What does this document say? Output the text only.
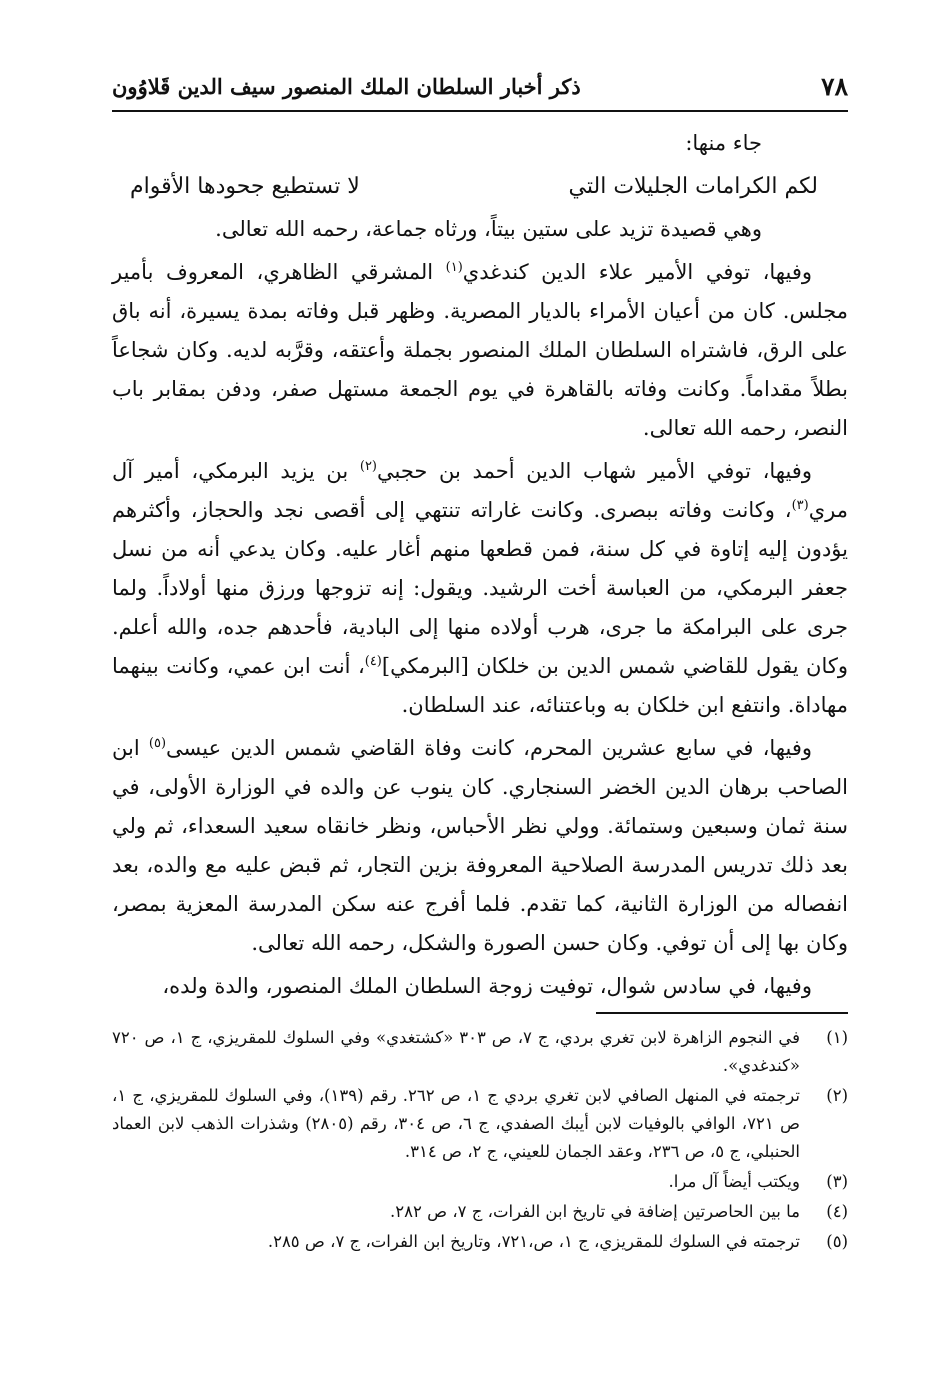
٧٨
ذكر أخبار السلطان الملك المنصور سيف الدين قَلاوُون

جاء منها:

لكم الكرامات الجليلات التي
لا تستطيع جحودها الأقوام

وهي قصيدة تزيد على ستين بيتاً، ورثاه جماعة، رحمه الله تعالى.

وفيها، توفي الأمير علاء الدين كندغدي$^{(١)}$ المشرقي الظاهري، المعروف بأمير مجلس. كان من أعيان الأمراء بالديار المصرية. وظهر قبل وفاته بمدة يسيرة، أنه باق على الرق، فاشتراه السلطان الملك المنصور بجملة وأعتقه، وقرَّبه لديه. وكان شجاعاً بطلاً مقداماً. وكانت وفاته بالقاهرة في يوم الجمعة مستهل صفر، ودفن بمقابر باب النصر، رحمه الله تعالى.

وفيها، توفي الأمير شهاب الدين أحمد بن حجبي$^{(٢)}$ بن يزيد البرمكي، أمير آل مري$^{(٣)}$، وكانت وفاته ببصرى. وكانت غاراته تنتهي إلى أقصى نجد والحجاز، وأكثرهم يؤدون إليه إتاوة في كل سنة، فمن قطعها منهم أغار عليه. وكان يدعي أنه من نسل جعفر البرمكي، من العباسة أخت الرشيد. ويقول: إنه تزوجها ورزق منها أولاداً. ولما جرى على البرامكة ما جرى، هرب أولاده منها إلى البادية، فأحدهم جده، والله أعلم. وكان يقول للقاضي شمس الدين بن خلكان [البرمكي]$^{(٤)}$، أنت ابن عمي، وكانت بينهما مهاداة. وانتفع ابن خلكان به وباعتنائه، عند السلطان.

وفيها، في سابع عشرين المحرم، كانت وفاة القاضي شمس الدين عيسى$^{(٥)}$ ابن الصاحب برهان الدين الخضر السنجاري. كان ينوب عن والده في الوزارة الأولى، في سنة ثمان وسبعين وستمائة. وولي نظر الأحباس، ونظر خانقاه سعيد السعداء، ثم ولي بعد ذلك تدريس المدرسة الصلاحية المعروفة بزين التجار، ثم قبض عليه مع والده، بعد انفصاله من الوزارة الثانية، كما تقدم. فلما أفرج عنه سكن المدرسة المعزية بمصر، وكان بها إلى أن توفي. وكان حسن الصورة والشكل، رحمه الله تعالى.

وفيها، في سادس شوال، توفيت زوجة السلطان الملك المنصور، والدة ولده،

(١)
في النجوم الزاهرة لابن تغري بردي، ج ٧، ص ٣٠٣ «كشتغدي» وفي السلوك للمقريزي، ج ١، ص ٧٢٠ «كندغدي».
(٢)
ترجمته في المنهل الصافي لابن تغري بردي ج ١، ص ٢٦٢. رقم (١٣٩)، وفي السلوك للمقريزي، ج ١، ص ٧٢١، الوافي بالوفيات لابن أيبك الصفدي، ج ٦، ص ٣٠٤، رقم (٢٨٠٥) وشذرات الذهب لابن العماد الحنبلي، ج ٥، ص ٢٣٦، وعقد الجمان للعيني، ج ٢، ص ٣١٤.
(٣)
ويكتب أيضاً آل مرا.
(٤)
ما بين الحاصرتين إضافة في تاريخ ابن الفرات، ج ٧، ص ٢٨٢.
(٥)
ترجمته في السلوك للمقريزي، ج ١، ص،٧٢١، وتاريخ ابن الفرات، ج ٧، ص ٢٨٥.
